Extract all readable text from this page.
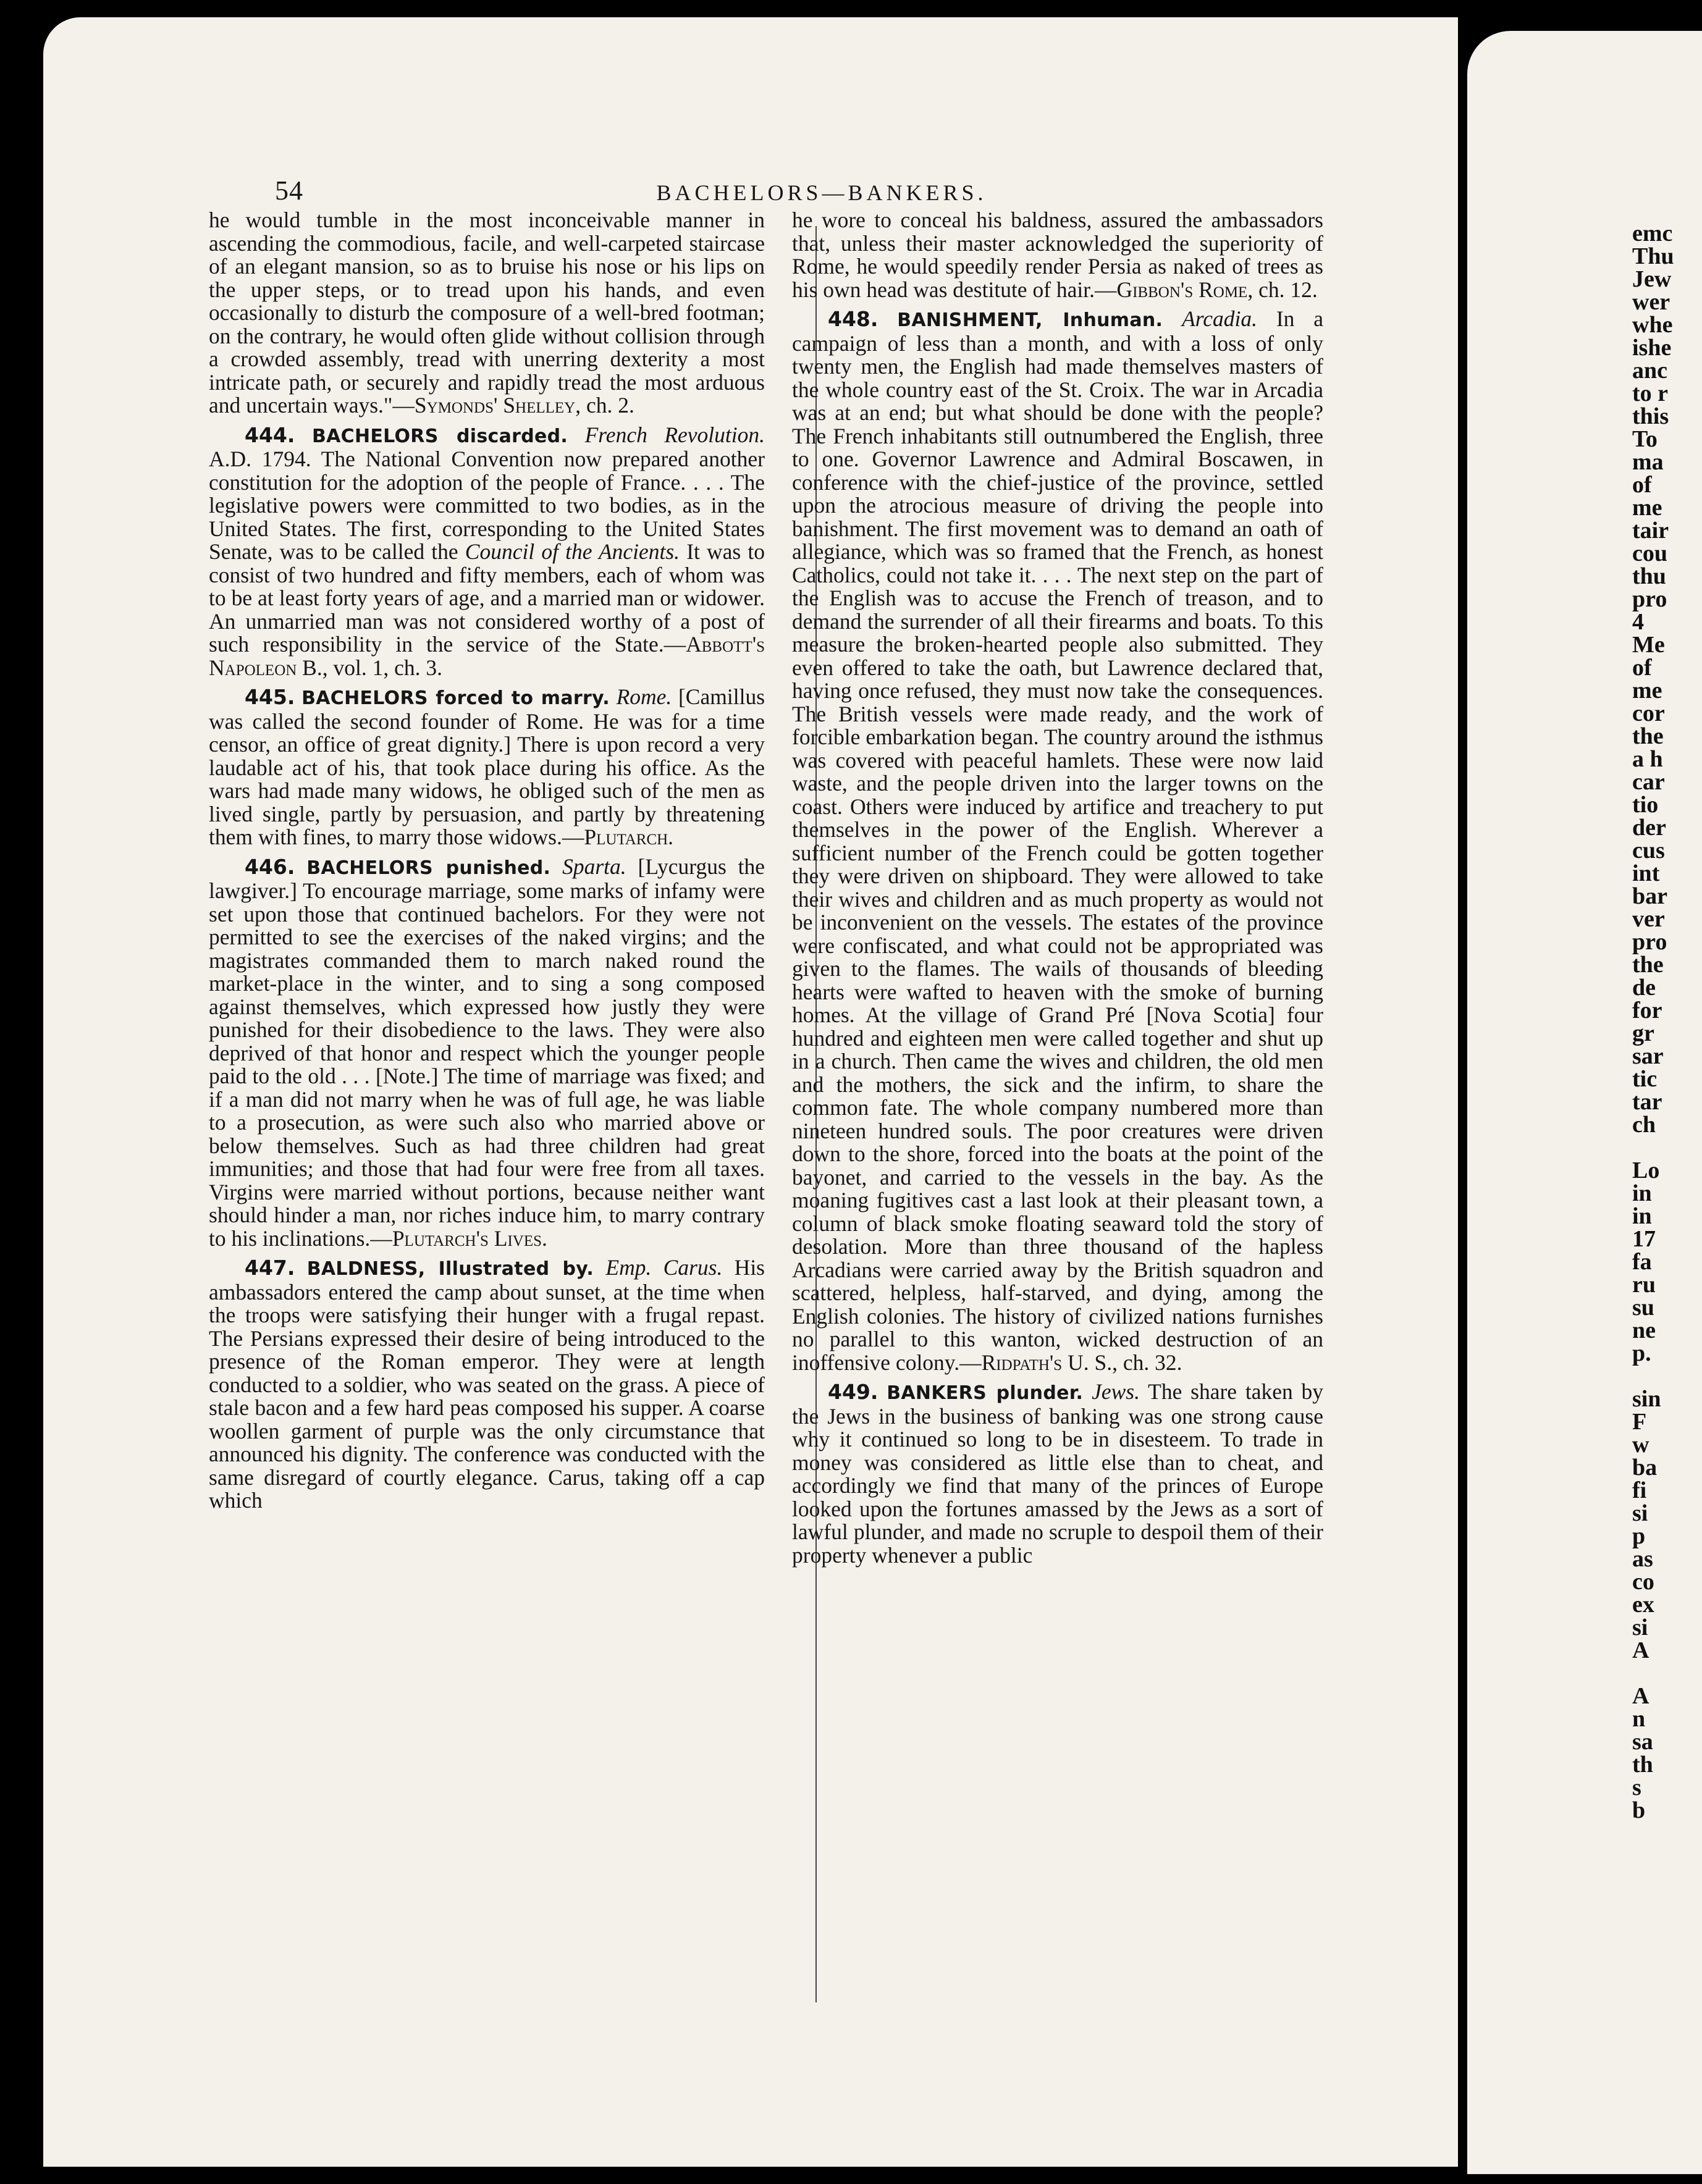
54	BACHELORS—BANKERS.
emc
Thu
Jew
wer
whe
ishe
anc
to r
this
To
ma
of
me
tair
cou
thu
pro
4
Me
of
me
cor
the
a h
car
tio
der
cus
int
bar
ver
pro
the
de
for
gr
sar
tic
tar
ch
Lo
in
in
17
fa
ru
su
ne
p.
sin
F
w
ba
fi
si
p
as
co
ex
si
A
A
n
sa
th
s
b

he would tumble in the most inconceivable manner in ascending the commodious, facile, and well-carpeted staircase of an elegant mansion, so as to bruise his nose or his lips on the upper steps, or to tread upon his hands, and even occasionally to disturb the composure of a well-bred footman; on the contrary, he would often glide without collision through a crowded assembly, tread with unerring dexterity a most intricate path, or securely and rapidly tread the most arduous and uncertain ways."—Symonds' Shelley, ch. 2.

444. BACHELORS discarded. French Revolution. A.D. 1794. The National Convention now prepared another constitution for the adoption of the people of France. . . . The legislative powers were committed to two bodies, as in the United States. The first, corresponding to the United States Senate, was to be called the Council of the Ancients. It was to consist of two hundred and fifty members, each of whom was to be at least forty years of age, and a married man or widower. An unmarried man was not considered worthy of a post of such responsibility in the service of the State.—Abbott's Napoleon B., vol. 1, ch. 3.

445. BACHELORS forced to marry. Rome. [Camillus was called the second founder of Rome. He was for a time censor, an office of great dignity.] There is upon record a very laudable act of his, that took place during his office. As the wars had made many widows, he obliged such of the men as lived single, partly by persuasion, and partly by threatening them with fines, to marry those widows.—Plutarch.

446. BACHELORS punished. Sparta. [Lycurgus the lawgiver.] To encourage marriage, some marks of infamy were set upon those that continued bachelors. For they were not permitted to see the exercises of the naked virgins; and the magistrates commanded them to march naked round the market-place in the winter, and to sing a song composed against themselves, which expressed how justly they were punished for their disobedience to the laws. They were also deprived of that honor and respect which the younger people paid to the old . . . [Note.] The time of marriage was fixed; and if a man did not marry when he was of full age, he was liable to a prosecution, as were such also who married above or below themselves. Such as had three children had great immunities; and those that had four were free from all taxes. Virgins were married without portions, because neither want should hinder a man, nor riches induce him, to marry contrary to his inclinations.—Plutarch's Lives.

447. BALDNESS, Illustrated by. Emp. Carus. His ambassadors entered the camp about sunset, at the time when the troops were satisfying their hunger with a frugal repast. The Persians expressed their desire of being introduced to the presence of the Roman emperor. They were at length conducted to a soldier, who was seated on the grass. A piece of stale bacon and a few hard peas composed his supper. A coarse woollen garment of purple was the only circumstance that announced his dignity. The conference was conducted with the same disregard of courtly elegance. Carus, taking off a cap which

he wore to conceal his baldness, assured the ambassadors that, unless their master acknowledged the superiority of Rome, he would speedily render Persia as naked of trees as his own head was destitute of hair.—Gibbon's Rome, ch. 12.

448. BANISHMENT, Inhuman. Arcadia. In a campaign of less than a month, and with a loss of only twenty men, the English had made themselves masters of the whole country east of the St. Croix. The war in Arcadia was at an end; but what should be done with the people? The French inhabitants still outnumbered the English, three to one. Governor Lawrence and Admiral Boscawen, in conference with the chief-justice of the province, settled upon the atrocious measure of driving the people into banishment. The first movement was to demand an oath of allegiance, which was so framed that the French, as honest Catholics, could not take it. . . . The next step on the part of the English was to accuse the French of treason, and to demand the surrender of all their firearms and boats. To this measure the broken-hearted people also submitted. They even offered to take the oath, but Lawrence declared that, having once refused, they must now take the consequences. The British vessels were made ready, and the work of forcible embarkation began. The country around the isthmus was covered with peaceful hamlets. These were now laid waste, and the people driven into the larger towns on the coast. Others were induced by artifice and treachery to put themselves in the power of the English. Wherever a sufficient number of the French could be gotten together they were driven on shipboard. They were allowed to take their wives and children and as much property as would not be inconvenient on the vessels. The estates of the province were confiscated, and what could not be appropriated was given to the flames. The wails of thousands of bleeding hearts were wafted to heaven with the smoke of burning homes. At the village of Grand Pré [Nova Scotia] four hundred and eighteen men were called together and shut up in a church. Then came the wives and children, the old men and the mothers, the sick and the infirm, to share the common fate. The whole company numbered more than nineteen hundred souls. The poor creatures were driven down to the shore, forced into the boats at the point of the bayonet, and carried to the vessels in the bay. As the moaning fugitives cast a last look at their pleasant town, a column of black smoke floating seaward told the story of desolation. More than three thousand of the hapless Arcadians were carried away by the British squadron and scattered, helpless, half-starved, and dying, among the English colonies. The history of civilized nations furnishes no parallel to this wanton, wicked destruction of an inoffensive colony.—Ridpath's U. S., ch. 32.

449. BANKERS plunder. Jews. The share taken by the Jews in the business of banking was one strong cause why it continued so long to be in disesteem. To trade in money was considered as little else than to cheat, and accordingly we find that many of the princes of Europe looked upon the fortunes amassed by the Jews as a sort of lawful plunder, and made no scruple to despoil them of their property whenever a public
